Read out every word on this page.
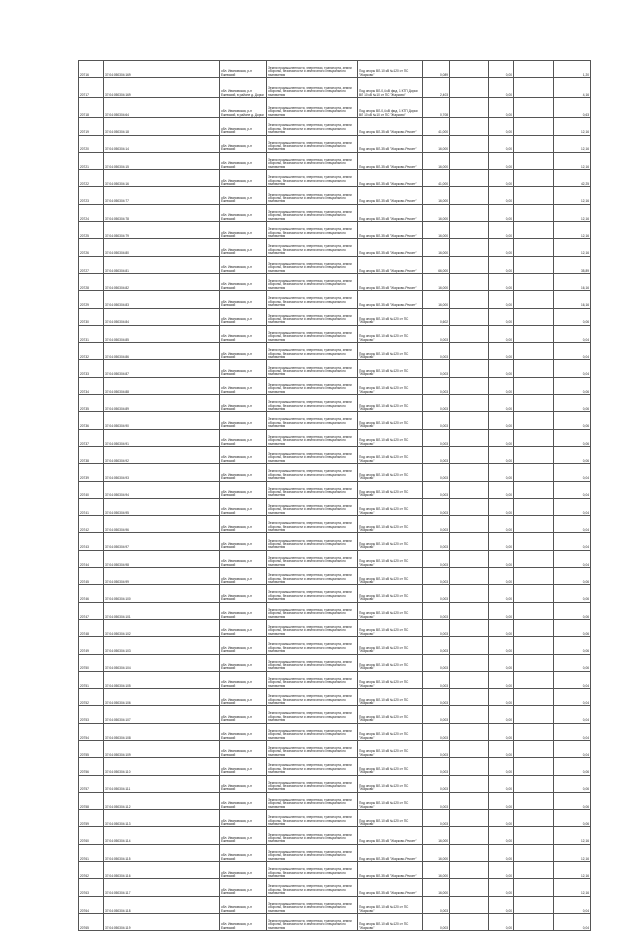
20716	37:04:050304:169	обл. Ивановская, р-н Ежевский	Земли промышленности, энергетики, транспорта, земли обороны, безопасности и земли иного специального назначения	Под опоры ВЛ-10 кВ №120 от ПС "Жарково"	0,089		0,00		1,20
20717	37:04:050304:169	обл. Ивановская, р-н Ежевский, в районе д. Дорки	Земли промышленности, энергетики, транспорта, земли обороны, безопасности и земли иного специального назначения	Под опоры ВЛ-0,4 кВ фид. 1 КТП Дорки ВЛ 10 кВ №10 от ПС "Жарково"	2,403		0,00		4,16
20718	37:04:050304:64	обл. Ивановская, р-н Ежевский, в районе д. Дорки	Земли промышленности, энергетики, транспорта, земли обороны, безопасности и земли иного специального назначения	Под опоры ВЛ-0,4 кВ фид. 1 КТП Дорки ВЛ 10 кВ №10 от ПС "Жарково"	0,708		0,00		0,63
20719	37:04:050304:18	обл. Ивановская, р-н Ежевский	Земли промышленности, энергетики, транспорта, земли обороны, безопасности и земли иного специального назначения	Под опоры ВЛ-35 кВ "Жарково-Реконт"	41,000		0,00		12,16
20720	37:04:050304:14	обл. Ивановская, р-н Ежевский	Земли промышленности, энергетики, транспорта, земли обороны, безопасности и земли иного специального назначения	Под опоры ВЛ-35 кВ "Жарково-Реконт"	16,000		0,00		12,16
20721	37:04:050304:15	обл. Ивановская, р-н Ежевский	Земли промышленности, энергетики, транспорта, земли обороны, безопасности и земли иного специального назначения	Под опоры ВЛ-35 кВ "Жарково-Реконт"	16,000		0,00		12,16
20722	37:04:050304:16	обл. Ивановская, р-н Ежевский	Земли промышленности, энергетики, транспорта, земли обороны, безопасности и земли иного специального назначения	Под опоры ВЛ-35 кВ "Жарково-Реконт"	41,000		0,00		42,25
20723	37:04:050304:77	обл. Ивановская, р-н Ежевский	Земли промышленности, энергетики, транспорта, земли обороны, безопасности и земли иного специального назначения	Под опоры ВЛ-35 кВ "Жарково-Реконт"	16,000		0,00		12,16
20724	37:04:050304:78	обл. Ивановская, р-н Ежевский	Земли промышленности, энергетики, транспорта, земли обороны, безопасности и земли иного специального назначения	Под опоры ВЛ-35 кВ "Жарково-Реконт"	16,000		0,00		12,16
20725	37:04:050304:79	обл. Ивановская, р-н Ежевский	Земли промышленности, энергетики, транспорта, земли обороны, безопасности и земли иного специального назначения	Под опоры ВЛ-35 кВ "Жарково-Реконт"	16,000		0,00		12,16
20726	37:04:050304:80	обл. Ивановская, р-н Ежевский	Земли промышленности, энергетики, транспорта, земли обороны, безопасности и земли иного специального назначения	Под опоры ВЛ-35 кВ "Жарково-Реконт"	16,000		0,00		12,16
20727	37:04:050304:81	обл. Ивановская, р-н Ежевский	Земли промышленности, энергетики, транспорта, земли обороны, безопасности и земли иного специального назначения	Под опоры ВЛ-35 кВ "Жарково-Реконт"	66,000		0,00		35,89
20728	37:04:050304:82	обл. Ивановская, р-н Ежевский	Земли промышленности, энергетики, транспорта, земли обороны, безопасности и земли иного специального назначения	Под опоры ВЛ-35 кВ "Жарково-Реконт"	16,000		0,00		16,16
20729	37:04:050304:83	обл. Ивановская, р-н Ежевский	Земли промышленности, энергетики, транспорта, земли обороны, безопасности и земли иного специального назначения	Под опоры ВЛ-35 кВ "Жарково-Реконт"	16,000		0,00		16,16
20730	37:04:050304:84	обл. Ивановская, р-н Ежевский	Земли промышленности, энергетики, транспорта, земли обороны, безопасности и земли иного специального назначения	Под опоры ВЛ-10 кВ №120 от ПС "Жарково"	0,602		0,00		0,06
20731	37:04:050304:85	обл. Ивановская, р-н Ежевский	Земли промышленности, энергетики, транспорта, земли обороны, безопасности и земли иного специального назначения	Под опоры ВЛ-10 кВ №120 от ПС "Жарково"	0,003		0,00		0,04
20732	37:04:050304:86	обл. Ивановская, р-н Ежевский	Земли промышленности, энергетики, транспорта, земли обороны, безопасности и земли иного специального назначения	Под опоры ВЛ-10 кВ №120 от ПС "Жарково"	0,003		0,00		0,04
20733	37:04:050304:87	обл. Ивановская, р-н Ежевский	Земли промышленности, энергетики, транспорта, земли обороны, безопасности и земли иного специального назначения	Под опоры ВЛ-10 кВ №120 от ПС "Жарково"	0,003		0,00		0,04
20734	37:04:050304:88	обл. Ивановская, р-н Ежевский	Земли промышленности, энергетики, транспорта, земли обороны, безопасности и земли иного специального назначения	Под опоры ВЛ-10 кВ №120 от ПС "Жарково"	0,003		0,00		0,06
20735	37:04:050304:89	обл. Ивановская, р-н Ежевский	Земли промышленности, энергетики, транспорта, земли обороны, безопасности и земли иного специального назначения	Под опоры ВЛ-10 кВ №120 от ПС "Жарково"	0,003		0,00		0,06
20736	37:04:050304:90	обл. Ивановская, р-н Ежевский	Земли промышленности, энергетики, транспорта, земли обороны, безопасности и земли иного специального назначения	Под опоры ВЛ-10 кВ №120 от ПС "Жарково"	0,003		0,00		0,06
20737	37:04:050304:91	обл. Ивановская, р-н Ежевский	Земли промышленности, энергетики, транспорта, земли обороны, безопасности и земли иного специального назначения	Под опоры ВЛ-10 кВ №120 от ПС "Жарково"	0,003		0,00		0,06
20738	37:04:050304:92	обл. Ивановская, р-н Ежевский	Земли промышленности, энергетики, транспорта, земли обороны, безопасности и земли иного специального назначения	Под опоры ВЛ-10 кВ №120 от ПС "Жарково"	0,003		0,00		0,06
20739	37:04:050304:93	обл. Ивановская, р-н Ежевский	Земли промышленности, энергетики, транспорта, земли обороны, безопасности и земли иного специального назначения	Под опоры ВЛ-10 кВ №120 от ПС "Жарково"	0,003		0,00		0,04
20740	37:04:050304:94	обл. Ивановская, р-н Ежевский	Земли промышленности, энергетики, транспорта, земли обороны, безопасности и земли иного специального назначения	Под опоры ВЛ-10 кВ №120 от ПС "Жарково"	0,003		0,00		0,04
20741	37:04:050304:95	обл. Ивановская, р-н Ежевский	Земли промышленности, энергетики, транспорта, земли обороны, безопасности и земли иного специального назначения	Под опоры ВЛ-10 кВ №120 от ПС "Жарково"	0,003		0,00		0,04
20742	37:04:050304:96	обл. Ивановская, р-н Ежевский	Земли промышленности, энергетики, транспорта, земли обороны, безопасности и земли иного специального назначения	Под опоры ВЛ-10 кВ №120 от ПС "Жарково"	0,003		0,00		0,04
20743	37:04:050304:97	обл. Ивановская, р-н Ежевский	Земли промышленности, энергетики, транспорта, земли обороны, безопасности и земли иного специального назначения	Под опоры ВЛ-10 кВ №120 от ПС "Жарково"	0,003		0,00		0,04
20744	37:04:050304:98	обл. Ивановская, р-н Ежевский	Земли промышленности, энергетики, транспорта, земли обороны, безопасности и земли иного специального назначения	Под опоры ВЛ-10 кВ №120 от ПС "Жарково"	0,003		0,00		0,04
20745	37:04:050304:99	обл. Ивановская, р-н Ежевский	Земли промышленности, энергетики, транспорта, земли обороны, безопасности и земли иного специального назначения	Под опоры ВЛ-10 кВ №120 от ПС "Жарково"	0,003		0,00		0,06
20746	37:04:050304:100	обл. Ивановская, р-н Ежевский	Земли промышленности, энергетики, транспорта, земли обороны, безопасности и земли иного специального назначения	Под опоры ВЛ-10 кВ №120 от ПС "Жарково"	0,003		0,00		0,06
20747	37:04:050304:101	обл. Ивановская, р-н Ежевский	Земли промышленности, энергетики, транспорта, земли обороны, безопасности и земли иного специального назначения	Под опоры ВЛ-10 кВ №120 от ПС "Жарково"	0,003		0,00		0,06
20748	37:04:050304:102	обл. Ивановская, р-н Ежевский	Земли промышленности, энергетики, транспорта, земли обороны, безопасности и земли иного специального назначения	Под опоры ВЛ-10 кВ №120 от ПС "Жарково"	0,003		0,00		0,06
20749	37:04:050304:103	обл. Ивановская, р-н Ежевский	Земли промышленности, энергетики, транспорта, земли обороны, безопасности и земли иного специального назначения	Под опоры ВЛ-10 кВ №120 от ПС "Жарково"	0,003		0,00		0,06
20750	37:04:050304:104	обл. Ивановская, р-н Ежевский	Земли промышленности, энергетики, транспорта, земли обороны, безопасности и земли иного специального назначения	Под опоры ВЛ-10 кВ №120 от ПС "Жарково"	0,003		0,00		0,06
20751	37:04:050304:105	обл. Ивановская, р-н Ежевский	Земли промышленности, энергетики, транспорта, земли обороны, безопасности и земли иного специального назначения	Под опоры ВЛ-10 кВ №120 от ПС "Жарково"	0,003		0,00		0,04
20752	37:04:050304:106	обл. Ивановская, р-н Ежевский	Земли промышленности, энергетики, транспорта, земли обороны, безопасности и земли иного специального назначения	Под опоры ВЛ-10 кВ №120 от ПС "Жарково"	0,003		0,00		0,04
20753	37:04:050304:107	обл. Ивановская, р-н Ежевский	Земли промышленности, энергетики, транспорта, земли обороны, безопасности и земли иного специального назначения	Под опоры ВЛ-10 кВ №120 от ПС "Жарково"	0,003		0,00		0,04
20754	37:04:050304:108	обл. Ивановская, р-н Ежевский	Земли промышленности, энергетики, транспорта, земли обороны, безопасности и земли иного специального назначения	Под опоры ВЛ-10 кВ №120 от ПС "Жарково"	0,003		0,00		0,04
20755	37:04:050304:109	обл. Ивановская, р-н Ежевский	Земли промышленности, энергетики, транспорта, земли обороны, безопасности и земли иного специального назначения	Под опоры ВЛ-10 кВ №120 от ПС "Жарково"	0,003		0,00		0,04
20756	37:04:050304:110	обл. Ивановская, р-н Ежевский	Земли промышленности, энергетики, транспорта, земли обороны, безопасности и земли иного специального назначения	Под опоры ВЛ-10 кВ №120 от ПС "Жарково"	0,003		0,00		0,06
20757	37:04:050304:111	обл. Ивановская, р-н Ежевский	Земли промышленности, энергетики, транспорта, земли обороны, безопасности и земли иного специального назначения	Под опоры ВЛ-10 кВ №120 от ПС "Жарково"	0,003		0,00		0,06
20758	37:04:050304:112	обл. Ивановская, р-н Ежевский	Земли промышленности, энергетики, транспорта, земли обороны, безопасности и земли иного специального назначения	Под опоры ВЛ-10 кВ №120 от ПС "Жарково"	0,003		0,00		0,06
20759	37:04:050304:113	обл. Ивановская, р-н Ежевский	Земли промышленности, энергетики, транспорта, земли обороны, безопасности и земли иного специального назначения	Под опоры ВЛ-10 кВ №120 от ПС "Жарково"	0,003		0,00		0,06
20760	37:04:050304:114	обл. Ивановская, р-н Ежевский	Земли промышленности, энергетики, транспорта, земли обороны, безопасности и земли иного специального назначения	Под опоры ВЛ-35 кВ "Жарково-Реконт"	16,000		0,00		12,16
20761	37:04:050304:115	обл. Ивановская, р-н Ежевский	Земли промышленности, энергетики, транспорта, земли обороны, безопасности и земли иного специального назначения	Под опоры ВЛ-35 кВ "Жарково-Реконт"	16,000		0,00		12,16
20762	37:04:050304:116	обл. Ивановская, р-н Ежевский	Земли промышленности, энергетики, транспорта, земли обороны, безопасности и земли иного специального назначения	Под опоры ВЛ-35 кВ "Жарково-Реконт"	16,000		0,00		12,16
20763	37:04:050304:117	обл. Ивановская, р-н Ежевский	Земли промышленности, энергетики, транспорта, земли обороны, безопасности и земли иного специального назначения	Под опоры ВЛ-35 кВ "Жарково-Реконт"	16,000		0,00		12,16
20764	37:04:050304:118	обл. Ивановская, р-н Ежевский	Земли промышленности, энергетики, транспорта, земли обороны, безопасности и земли иного специального назначения	Под опоры ВЛ-10 кВ №120 от ПС "Жарково"	0,003		0,00		0,04
20765	37:04:050304:119	обл. Ивановская, р-н Ежевский	Земли промышленности, энергетики, транспорта, земли обороны, безопасности и земли иного специального назначения	Под опоры ВЛ-10 кВ №120 от ПС "Жарково"	0,003		0,00		0,04
